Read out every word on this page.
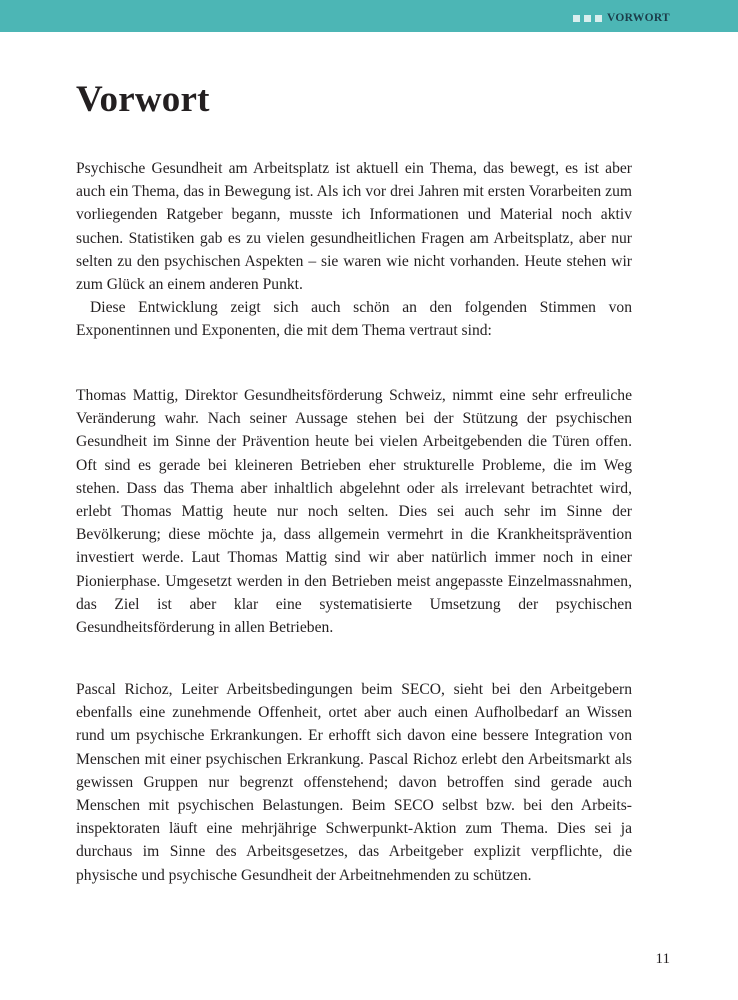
VORWORT
Vorwort

Psychische Gesundheit am Arbeitsplatz ist aktuell ein Thema, das bewegt, es ist aber auch ein Thema, das in Bewegung ist. Als ich vor drei Jahren mit ersten Vorarbeiten zum vorliegenden Ratgeber begann, musste ich Informationen und Material noch aktiv suchen. Statistiken gab es zu vielen gesundheitlichen Fragen am Arbeitsplatz, aber nur selten zu den psychischen Aspekten – sie waren wie nicht vorhanden. Heute stehen wir zum Glück an einem anderen Punkt.

Diese Entwicklung zeigt sich auch schön an den folgenden Stimmen von Exponentinnen und Exponenten, die mit dem Thema vertraut sind:

Thomas Mattig, Direktor Gesundheitsförderung Schweiz, nimmt eine sehr erfreuliche Veränderung wahr. Nach seiner Aussage stehen bei der Stützung der psychischen Gesundheit im Sinne der Prävention heute bei vielen Arbeitgebenden die Türen offen. Oft sind es gerade bei kleineren Betrieben eher strukturelle Probleme, die im Weg stehen. Dass das Thema aber inhaltlich abgelehnt oder als irrelevant betrachtet wird, erlebt Thomas Mattig heute nur noch selten. Dies sei auch sehr im Sinne der Bevölkerung; diese möchte ja, dass allgemein vermehrt in die Krankheitsprävention investiert werde. Laut Thomas Mattig sind wir aber natürlich immer noch in einer Pionierphase. Umgesetzt werden in den Betrieben meist angepasste Einzelmassnahmen, das Ziel ist aber klar eine systematisierte Umsetzung der psychischen Gesundheitsförderung in allen Betrieben.

Pascal Richoz, Leiter Arbeitsbedingungen beim SECO, sieht bei den Arbeitgebern ebenfalls eine zunehmende Offenheit, ortet aber auch einen Aufholbedarf an Wissen rund um psychische Erkrankungen. Er erhofft sich davon eine bessere Integration von Menschen mit einer psychischen Erkrankung. Pascal Richoz erlebt den Arbeitsmarkt als gewissen Gruppen nur begrenzt offenstehend; davon betroffen sind gerade auch Menschen mit psychischen Belastungen. Beim SECO selbst bzw. bei den Arbeitsinspektoraten läuft eine mehrjährige Schwerpunkt-Aktion zum Thema. Dies sei ja durchaus im Sinne des Arbeitsgesetzes, das Arbeitgeber explizit verpflichte, die physische und psychische Gesundheit der Arbeitnehmenden zu schützen.

11
